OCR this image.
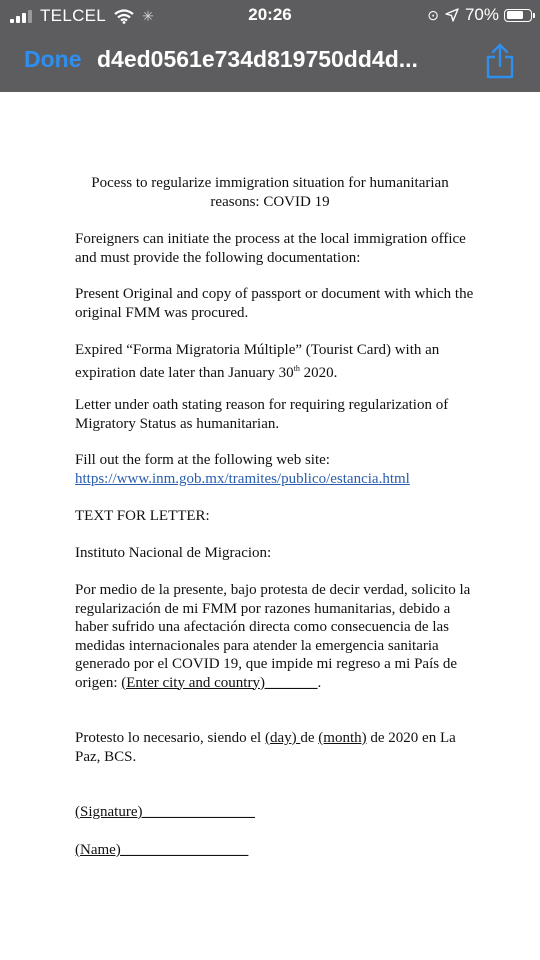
TELCEL	✳	20:26	⊙ 70%
Done d4ed0561e734d819750dd4d...
Pocess to regularize immigration situation for humanitarian
reasons: COVID 19
Foreigners can initiate the process at the local immigration office and must provide the following documentation:
Present Original and copy of passport or document with which the original FMM was procured.
Expired “Forma Migratoria Múltiple” (Tourist Card) with an expiration date later than January 30th 2020.
Letter under oath stating reason for requiring regularization of Migratory Status as humanitarian.
Fill out the form at the following web site:
https://www.inm.gob.mx/tramites/publico/estancia.html
TEXT FOR LETTER:
Instituto Nacional de Migracion:
Por medio de la presente, bajo protesta de decir verdad, solicito la regularización de mi FMM por razones humanitarias, debido a haber sufrido una afectación directa como consecuencia de las medidas internacionales para atender la emergencia sanitaria generado por el COVID 19, que impide mi regreso a mi País de origen: (Enter city and country)_______.
Protesto lo necesario, siendo el (day) de (month) de 2020 en La Paz, BCS.
(Signature)_______________
(Name)_________________
